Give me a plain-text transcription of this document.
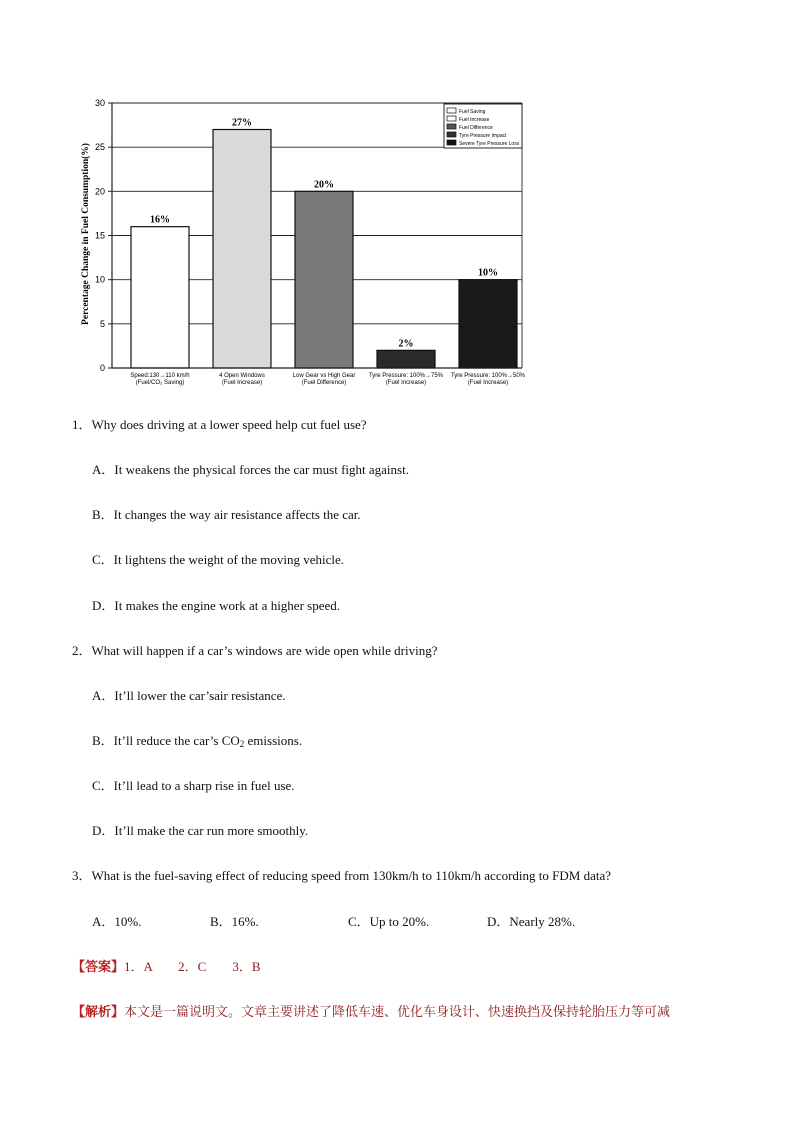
16%
Speed:130→110 km/h
(Fuel/CO₂ Saving)
27%
4 Open Windows
(Fuel Increase)
20%
Low Gear vs High Gear
(Fuel Difference)
2%
Tyre Pressure: 100%→75%
(Fuel Increase)
10%
Tyre Pressure: 100%→50%
(Fuel Increase)
0
5
10
15
20
25
30
Fuel Saving
Fuel Increase
Fuel Difference
Tyre Pressure Impact
Severe Tyre Pressure Loss
Percentage Change in Fuel Consumption(%)
1．Why does driving at a lower speed help cut fuel use?
A．It weakens the physical forces the car must fight against.
B．It changes the way air resistance affects the car.
C．It lightens the weight of the moving vehicle.
D．It makes the engine work at a higher speed.
2．What will happen if a car’s windows are wide open while driving?
A．It’ll lower the car’sair resistance.
B．It’ll reduce the car’s $CO_2$ emissions.
C．It’ll lead to a sharp rise in fuel use.
D．It’ll make the car run more smoothly.
3．What is the fuel-saving effect of reducing speed from 130km/h to 110km/h according to FDM data?
A．10%.	B．16%.	C．Up to 20%.	D．Nearly 28%.
【答案】1．A　　2．C　　3．B
【解析】本文是一篇说明文。文章主要讲述了降低车速、优化车身设计、快速换挡及保持轮胎压力等可减
